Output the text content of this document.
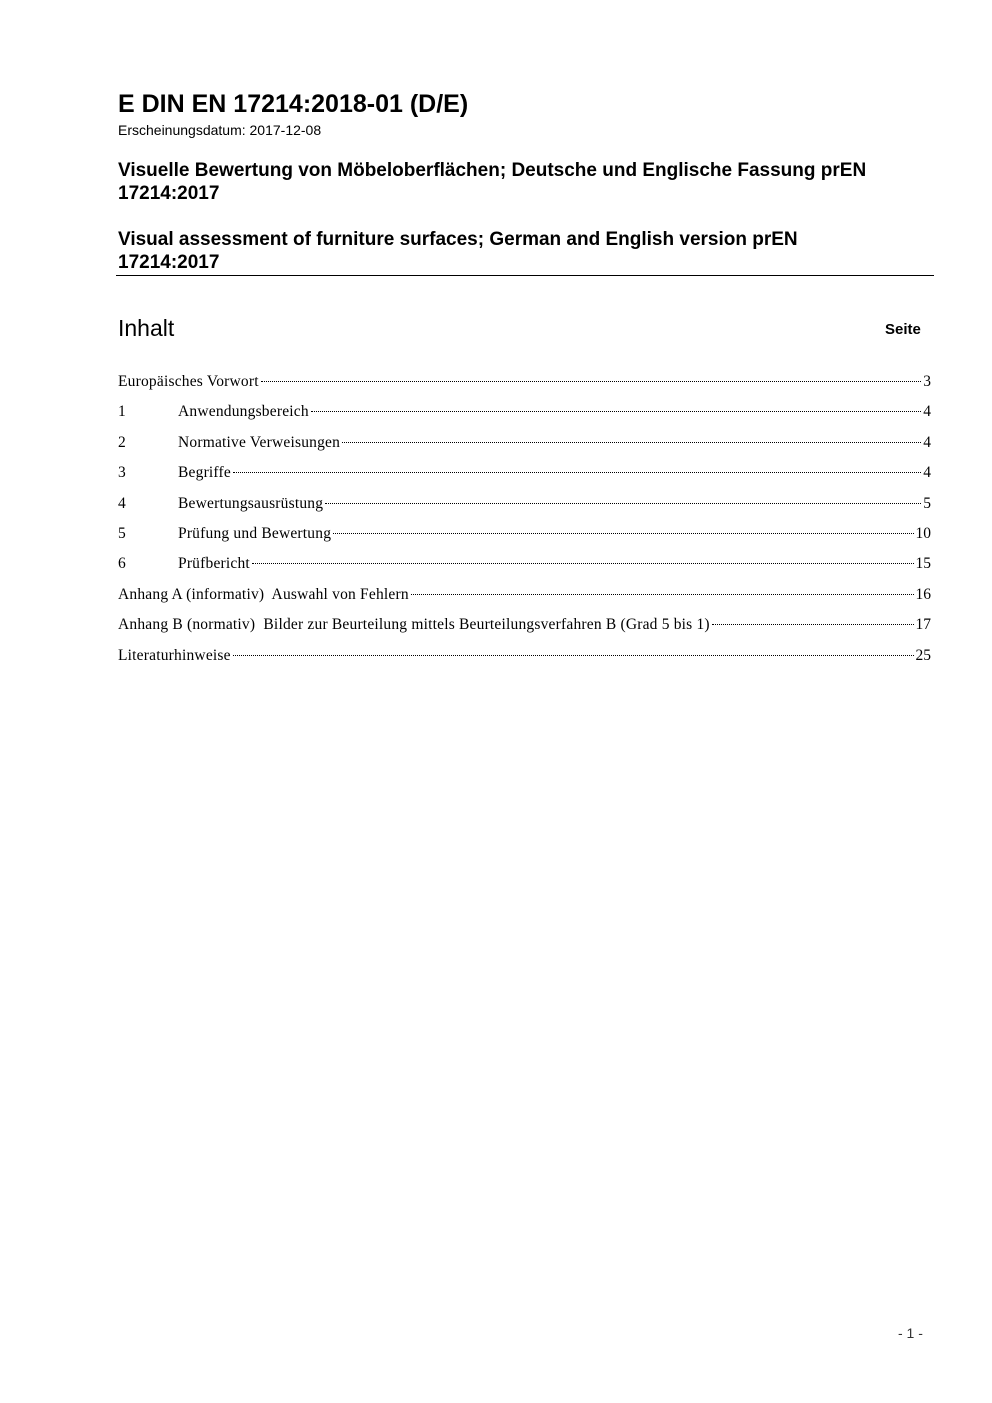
E DIN EN 17214:2018-01 (D/E)
Erscheinungsdatum: 2017-12-08
Visuelle Bewertung von Möbeloberflächen; Deutsche und Englische Fassung prEN 17214:2017
Visual assessment of furniture surfaces; German and English version prEN 17214:2017
Inhalt	Seite
Europäisches Vorwort	3
1	Anwendungsbereich	4
2	Normative Verweisungen	4
3	Begriffe	4
4	Bewertungsausrüstung	5
5	Prüfung und Bewertung	10
6	Prüfbericht	15
Anhang A (informativ)  Auswahl von Fehlern	16
Anhang B (normativ)  Bilder zur Beurteilung mittels Beurteilungsverfahren B (Grad 5 bis 1)	17
Literaturhinweise	25
- 1 -
